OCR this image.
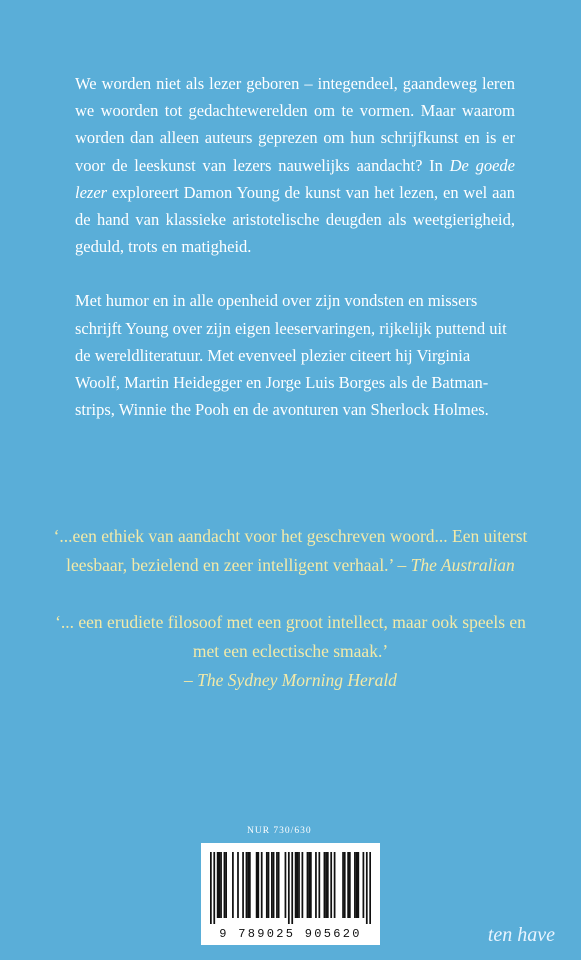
We worden niet als lezer geboren – integendeel, gaandeweg leren we woorden tot gedachtewerelden om te vormen. Maar waarom worden dan alleen auteurs geprezen om hun schrijfkunst en is er voor de leeskunst van lezers nauwelijks aandacht? In De goede lezer exploreert Damon Young de kunst van het lezen, en wel aan de hand van klassieke aristotelische deugden als weetgierigheid, geduld, trots en matigheid.

Met humor en in alle openheid over zijn vondsten en missers schrijft Young over zijn eigen leeservaringen, rijkelijk puttend uit de wereldliteratuur. Met evenveel plezier citeert hij Virginia Woolf, Martin Heidegger en Jorge Luis Borges als de Batman-strips, Winnie the Pooh en de avonturen van Sherlock Holmes.

‘...een ethiek van aandacht voor het geschreven woord... Een uiterst leesbaar, bezielend en zeer intelligent verhaal.’ – The Australian
‘... een erudiete filosoof met een groot intellect, maar ook speels en met een eclectische smaak.’
– The Sydney Morning Herald
NUR 730/630
9 789025 905620	ten have
